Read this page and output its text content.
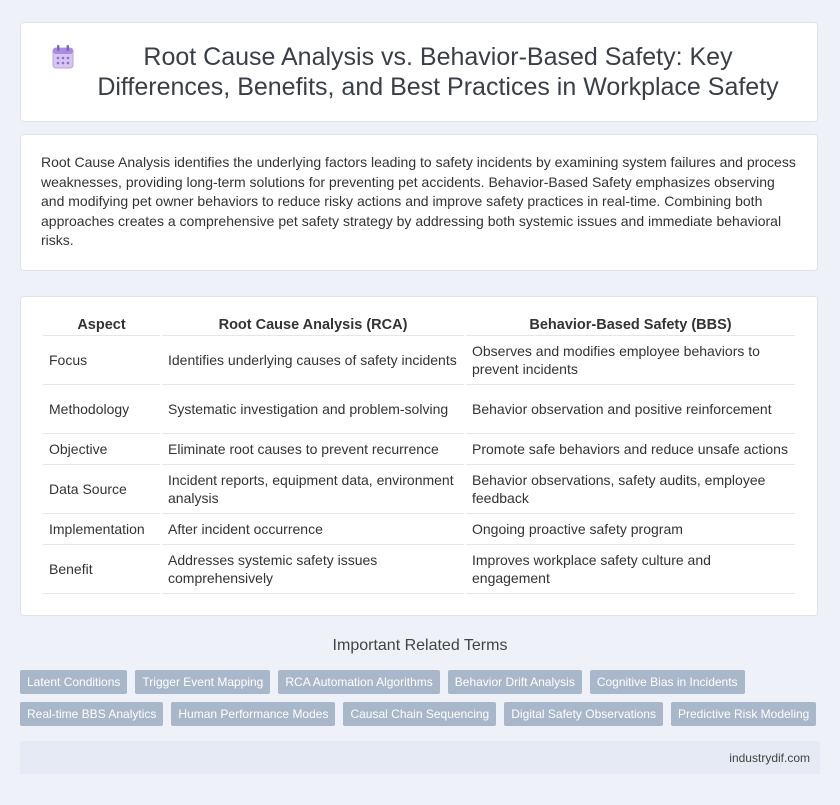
Root Cause Analysis vs. Behavior-Based Safety: Key Differences, Benefits, and Best Practices in Workplace Safety

Root Cause Analysis identifies the underlying factors leading to safety incidents by examining system failures and process weaknesses, providing long-term solutions for preventing pet accidents. Behavior-Based Safety emphasizes observing and modifying pet owner behaviors to reduce risky actions and improve safety practices in real-time. Combining both approaches creates a comprehensive pet safety strategy by addressing both systemic issues and immediate behavioral risks.

Aspect	Root Cause Analysis (RCA)	Behavior-Based Safety (BBS)
Focus	Identifies underlying causes of safety incidents	Observes and modifies employee behaviors to prevent incidents
Methodology	Systematic investigation and problem-solving	Behavior observation and positive reinforcement
Objective	Eliminate root causes to prevent recurrence	Promote safe behaviors and reduce unsafe actions
Data Source	Incident reports, equipment data, environment analysis	Behavior observations, safety audits, employee feedback
Implementation	After incident occurrence	Ongoing proactive safety program
Benefit	Addresses systemic safety issues comprehensively	Improves workplace safety culture and engagement
Important Related Terms
Latent Conditions	Trigger Event Mapping	RCA Automation Algorithms	Behavior Drift Analysis	Cognitive Bias in Incidents
Real-time BBS Analytics	Human Performance Modes	Causal Chain Sequencing	Digital Safety Observations	Predictive Risk Modeling
industrydif.com
